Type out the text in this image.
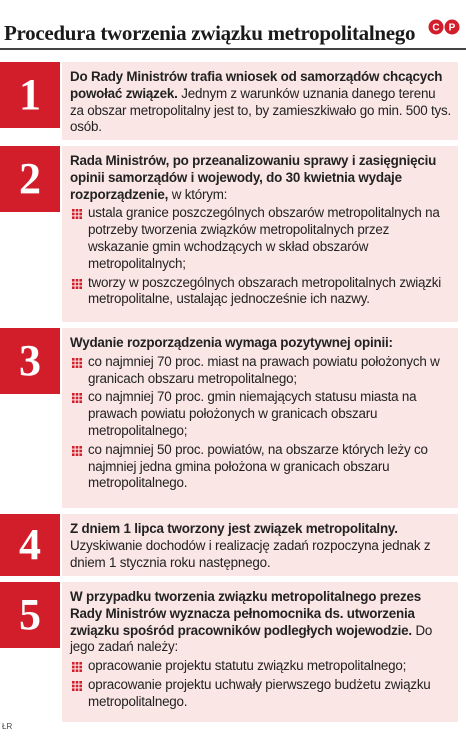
Procedura tworzenia związku metropolitalnego	C P
1	Do Rady Ministrów trafia wniosek od samorządów chcących powołać związek. Jednym z warunków uznania danego terenu za obszar metropolitalny jest to, by zamieszkiwało go min. 500 tys. osób.
2	Rada Ministrów, po przeanalizowaniu sprawy i zasięgnięciu opinii samorządów i wojewody, do 30 kwietnia wydaje rozporządzenie, w którym:
ustala granice poszczególnych obszarów metropolitalnych na potrzeby tworzenia związków metropolitalnych przez wskazanie gmin wchodzących w skład obszarów metropolitalnych;
tworzy w poszczególnych obszarach metropolitalnych związki metropolitalne, ustalając jednocześnie ich nazwy.
3	Wydanie rozporządzenia wymaga pozytywnej opinii:
co najmniej 70 proc. miast na prawach powiatu położonych w granicach obszaru metropolitalnego;
co najmniej 70 proc. gmin niemających statusu miasta na prawach powiatu położonych w granicach obszaru metropolitalnego;
co najmniej 50 proc. powiatów, na obszarze których leży co najmniej jedna gmina położona w granicach obszaru metropolitalnego.
4	Z dniem 1 lipca tworzony jest związek metropolitalny. Uzyskiwanie dochodów i realizację zadań rozpoczyna jednak z dniem 1 stycznia roku następnego.
5	W przypadku tworzenia związku metropolitalnego prezes Rady Ministrów wyznacza pełnomocnika ds. utworzenia związku spośród pracowników podległych wojewodzie. Do jego zadań należy:
opracowanie projektu statutu związku metropolitalnego;
opracowanie projektu uchwały pierwszego budżetu związku metropolitalnego.
ŁR
